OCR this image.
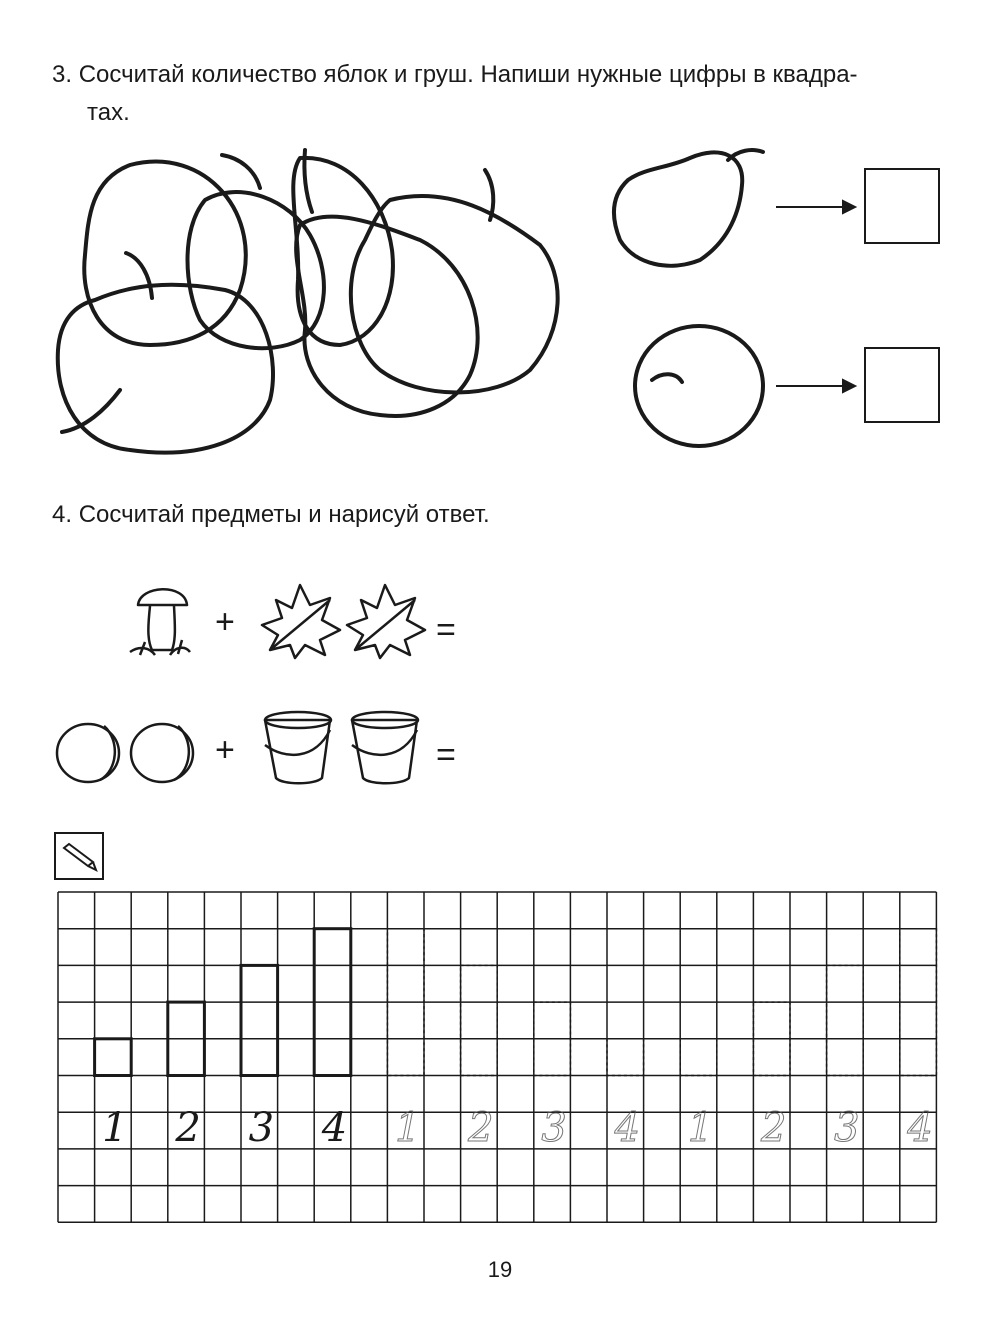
3. Сосчитай количество яблок и груш. Напиши нужные цифры в квадра-
тах.
+	=
+	=
4. Сосчитай предметы и нарисуй ответ.
1 2 3 4 1 2 3 4 1 2 3 4
19
